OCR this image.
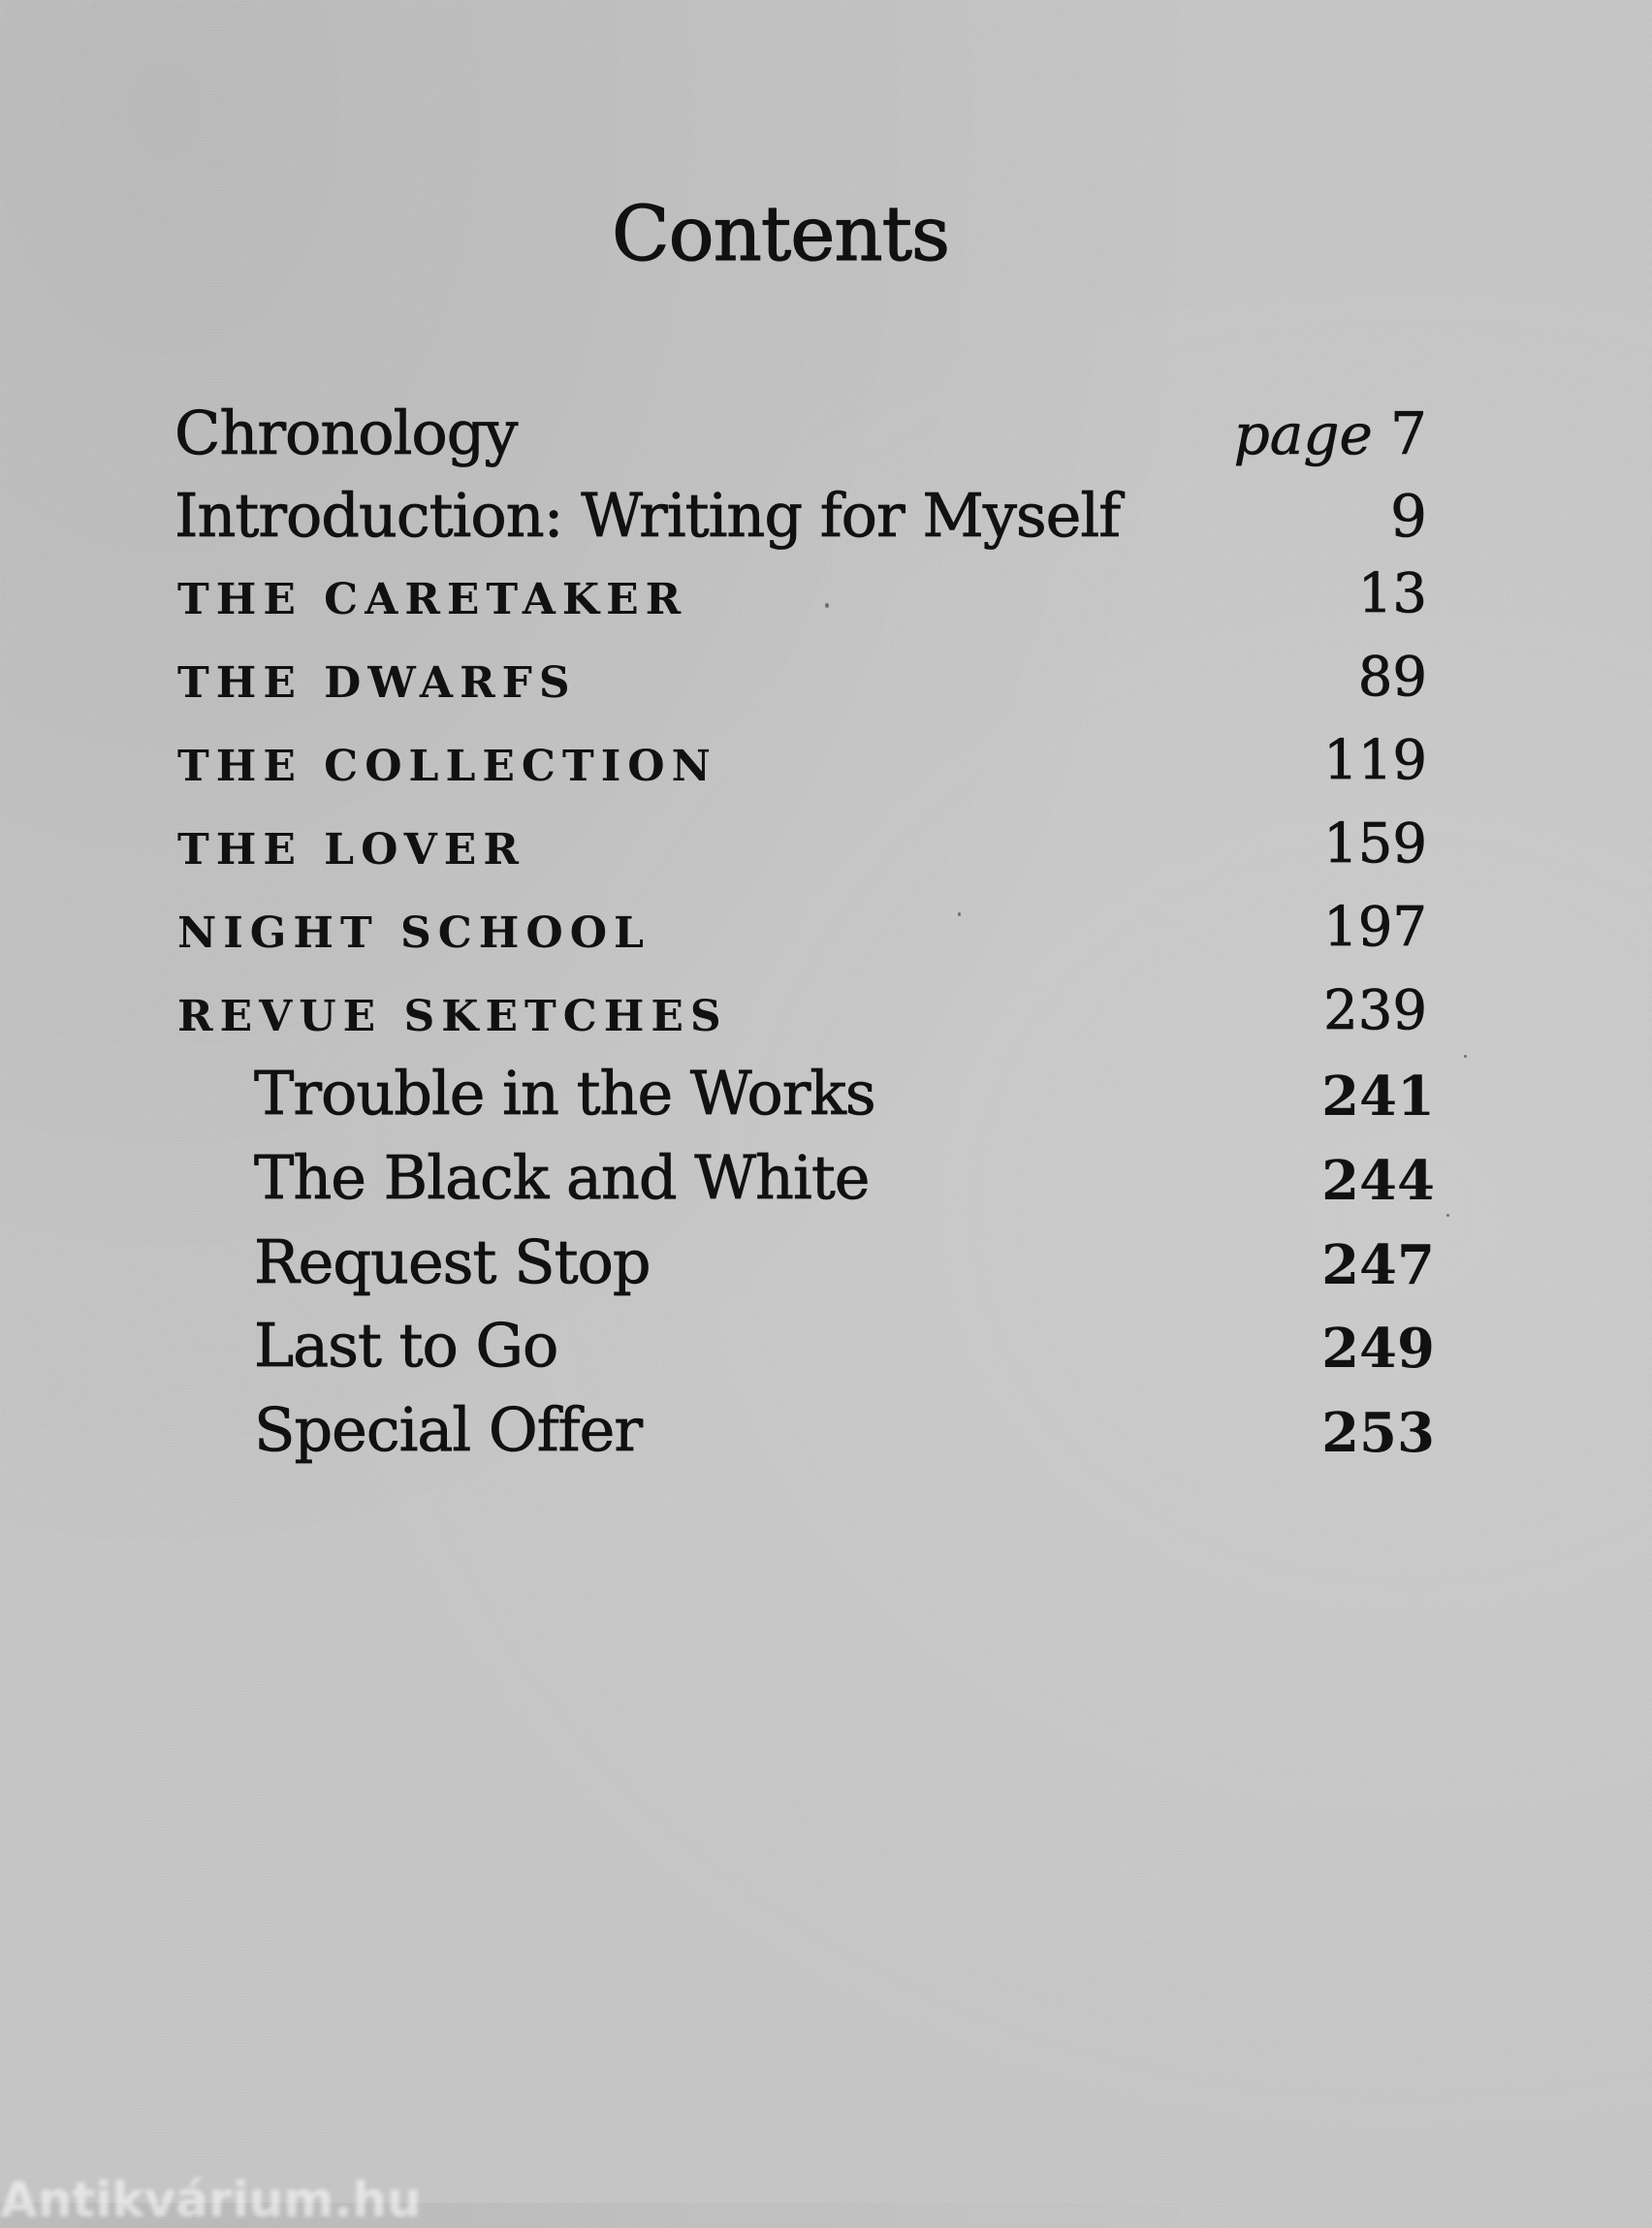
Contents
Chronology	page 7
Introduction: Writing for Myself	9
THE CARETAKER	13
THE DWARFS	89
THE COLLECTION	119
THE LOVER	159
NIGHT SCHOOL	197
REVUE SKETCHES	239
Trouble in the Works	241
The Black and White	244
Request Stop	247
Last to Go	249
Special Offer	253
Antikvárium.hu
